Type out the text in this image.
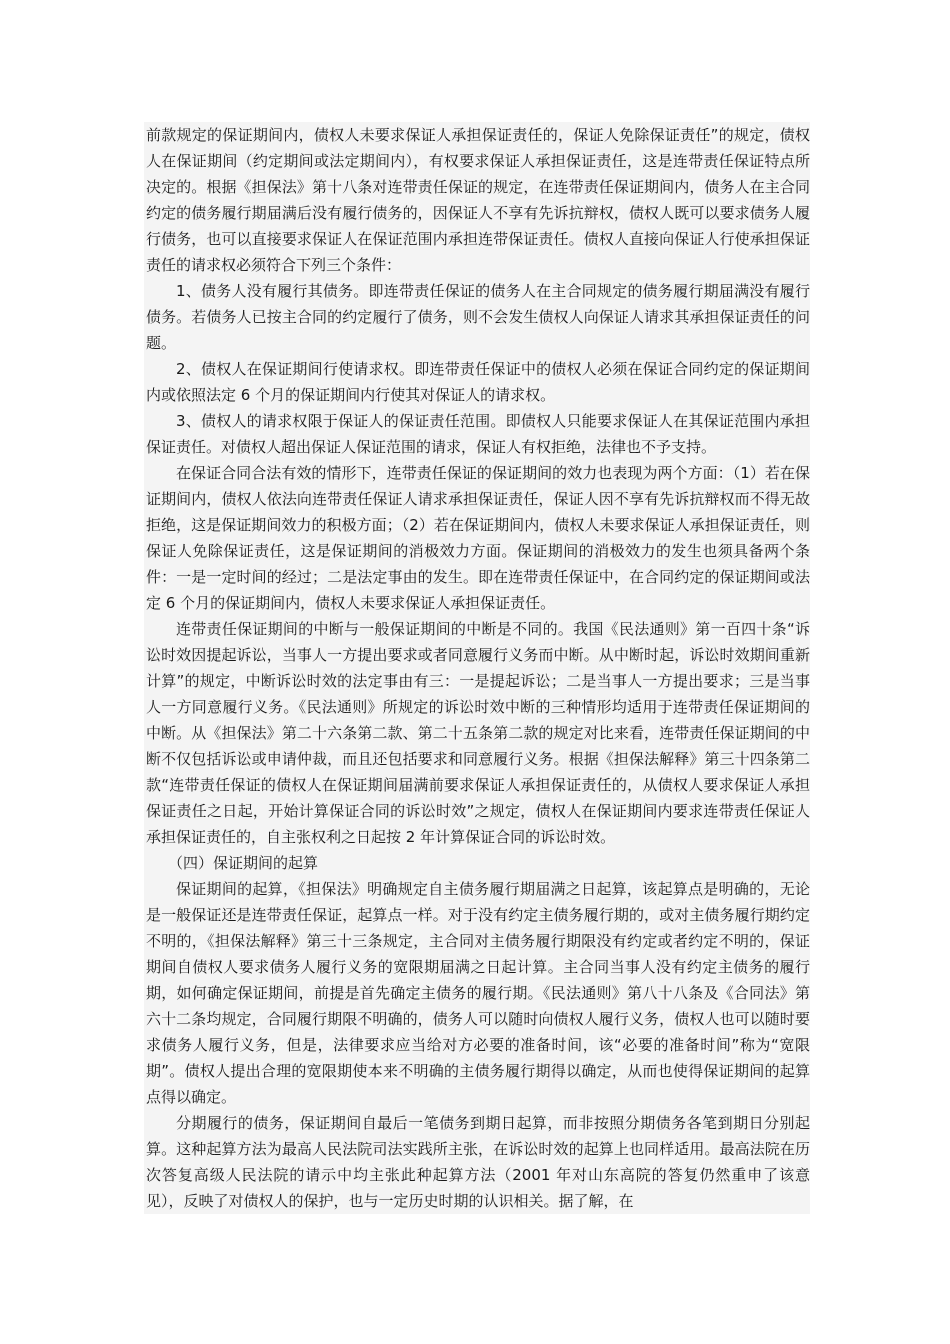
前款规定的保证期间内，债权人未要求保证人承担保证责任的，保证人免除保证责任”的规定，债权人在保证期间（约定期间或法定期间内），有权要求保证人承担保证责任，这是连带责任保证特点所决定的。根据《担保法》第十八条对连带责任保证的规定，在连带责任保证期间内，债务人在主合同约定的债务履行期届满后没有履行债务的，因保证人不享有先诉抗辩权，债权人既可以要求债务人履行债务，也可以直接要求保证人在保证范围内承担连带保证责任。债权人直接向保证人行使承担保证责任的请求权必须符合下列三个条件：

1、债务人没有履行其债务。即连带责任保证的债务人在主合同规定的债务履行期届满没有履行债务。若债务人已按主合同的约定履行了债务，则不会发生债权人向保证人请求其承担保证责任的问题。

2、债权人在保证期间行使请求权。即连带责任保证中的债权人必须在保证合同约定的保证期间内或依照法定 6 个月的保证期间内行使其对保证人的请求权。

3、债权人的请求权限于保证人的保证责任范围。即债权人只能要求保证人在其保证范围内承担保证责任。对债权人超出保证人保证范围的请求，保证人有权拒绝，法律也不予支持。

在保证合同合法有效的情形下，连带责任保证的保证期间的效力也表现为两个方面：（1）若在保证期间内，债权人依法向连带责任保证人请求承担保证责任，保证人因不享有先诉抗辩权而不得无故拒绝，这是保证期间效力的积极方面；（2）若在保证期间内，债权人未要求保证人承担保证责任，则保证人免除保证责任，这是保证期间的消极效力方面。保证期间的消极效力的发生也须具备两个条件：一是一定时间的经过；二是法定事由的发生。即在连带责任保证中，在合同约定的保证期间或法定 6 个月的保证期间内，债权人未要求保证人承担保证责任。

连带责任保证期间的中断与一般保证期间的中断是不同的。我国《民法通则》第一百四十条“诉讼时效因提起诉讼，当事人一方提出要求或者同意履行义务而中断。从中断时起，诉讼时效期间重新计算”的规定，中断诉讼时效的法定事由有三：一是提起诉讼；二是当事人一方提出要求；三是当事人一方同意履行义务。《民法通则》所规定的诉讼时效中断的三种情形均适用于连带责任保证期间的中断。从《担保法》第二十六条第二款、第二十五条第二款的规定对比来看，连带责任保证期间的中断不仅包括诉讼或申请仲裁，而且还包括要求和同意履行义务。根据《担保法解释》第三十四条第二款“连带责任保证的债权人在保证期间届满前要求保证人承担保证责任的，从债权人要求保证人承担保证责任之日起，开始计算保证合同的诉讼时效”之规定，债权人在保证期间内要求连带责任保证人承担保证责任的，自主张权利之日起按 2 年计算保证合同的诉讼时效。

（四）保证期间的起算

保证期间的起算，《担保法》明确规定自主债务履行期届满之日起算，该起算点是明确的，无论是一般保证还是连带责任保证，起算点一样。对于没有约定主债务履行期的，或对主债务履行期约定不明的，《担保法解释》第三十三条规定，主合同对主债务履行期限没有约定或者约定不明的，保证期间自债权人要求债务人履行义务的宽限期届满之日起计算。主合同当事人没有约定主债务的履行期，如何确定保证期间，前提是首先确定主债务的履行期。《民法通则》第八十八条及《合同法》第六十二条均规定，合同履行期限不明确的，债务人可以随时向债权人履行义务，债权人也可以随时要求债务人履行义务，但是，法律要求应当给对方必要的准备时间，该“必要的准备时间”称为“宽限期”。债权人提出合理的宽限期使本来不明确的主债务履行期得以确定，从而也使得保证期间的起算点得以确定。

分期履行的债务，保证期间自最后一笔债务到期日起算，而非按照分期债务各笔到期日分别起算。这种起算方法为最高人民法院司法实践所主张，在诉讼时效的起算上也同样适用。最高法院在历次答复高级人民法院的请示中均主张此种起算方法（2001 年对山东高院的答复仍然重申了该意见），反映了对债权人的保护，也与一定历史时期的认识相关。据了解，在
